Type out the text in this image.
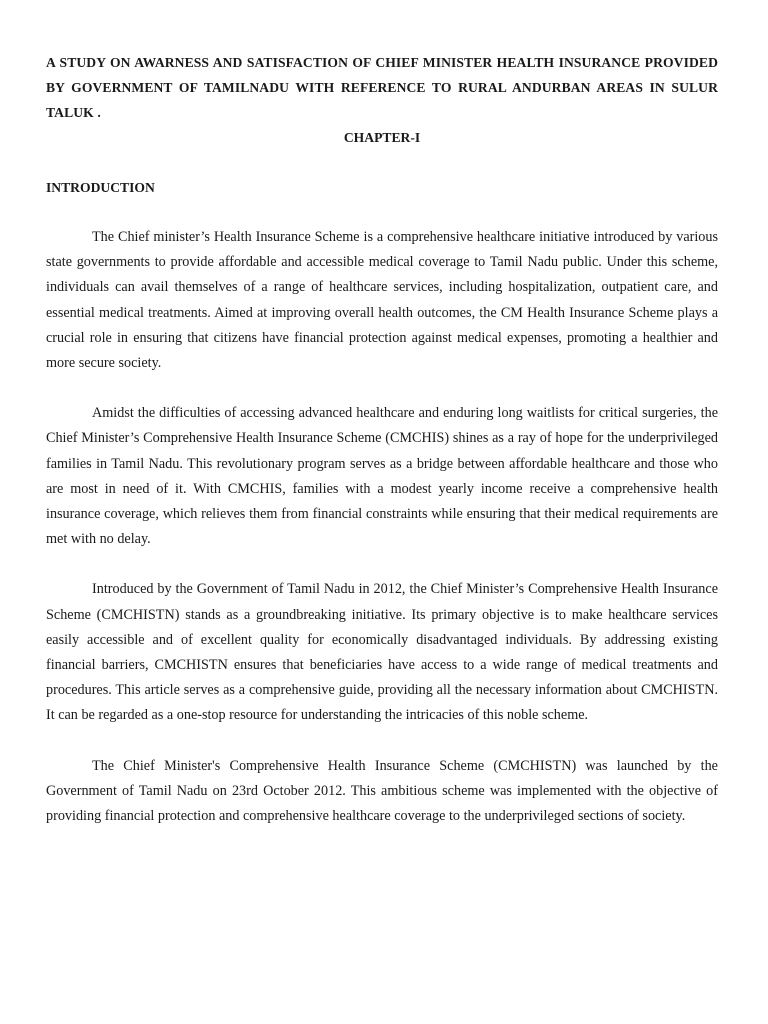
A STUDY ON AWARNESS AND SATISFACTION OF CHIEF MINISTER HEALTH INSURANCE PROVIDED BY GOVERNMENT OF TAMILNADU WITH REFERENCE TO RURAL ANDURBAN AREAS IN SULUR TALUK .

CHAPTER-I

INTRODUCTION

The Chief minister’s Health Insurance Scheme is a comprehensive healthcare initiative introduced by various state governments to provide affordable and accessible medical coverage to Tamil Nadu public. Under this scheme, individuals can avail themselves of a range of healthcare services, including hospitalization, outpatient care, and essential medical treatments. Aimed at improving overall health outcomes, the CM Health Insurance Scheme plays a crucial role in ensuring that citizens have financial protection against medical expenses, promoting a healthier and more secure society.

Amidst the difficulties of accessing advanced healthcare and enduring long waitlists for critical surgeries, the Chief Minister’s Comprehensive Health Insurance Scheme (CMCHIS) shines as a ray of hope for the underprivileged families in Tamil Nadu. This revolutionary program serves as a bridge between affordable healthcare and those who are most in need of it. With CMCHIS, families with a modest yearly income receive a comprehensive health insurance coverage, which relieves them from financial constraints while ensuring that their medical requirements are met with no delay.

Introduced by the Government of Tamil Nadu in 2012, the Chief Minister’s Comprehensive Health Insurance Scheme (CMCHISTN) stands as a groundbreaking initiative. Its primary objective is to make healthcare services easily accessible and of excellent quality for economically disadvantaged individuals. By addressing existing financial barriers, CMCHISTN ensures that beneficiaries have access to a wide range of medical treatments and procedures. This article serves as a comprehensive guide, providing all the necessary information about CMCHISTN. It can be regarded as a one-stop resource for understanding the intricacies of this noble scheme.

The Chief Minister's Comprehensive Health Insurance Scheme (CMCHISTN) was launched by the Government of Tamil Nadu on 23rd October 2012. This ambitious scheme was implemented with the objective of providing financial protection and comprehensive healthcare coverage to the underprivileged sections of society.
